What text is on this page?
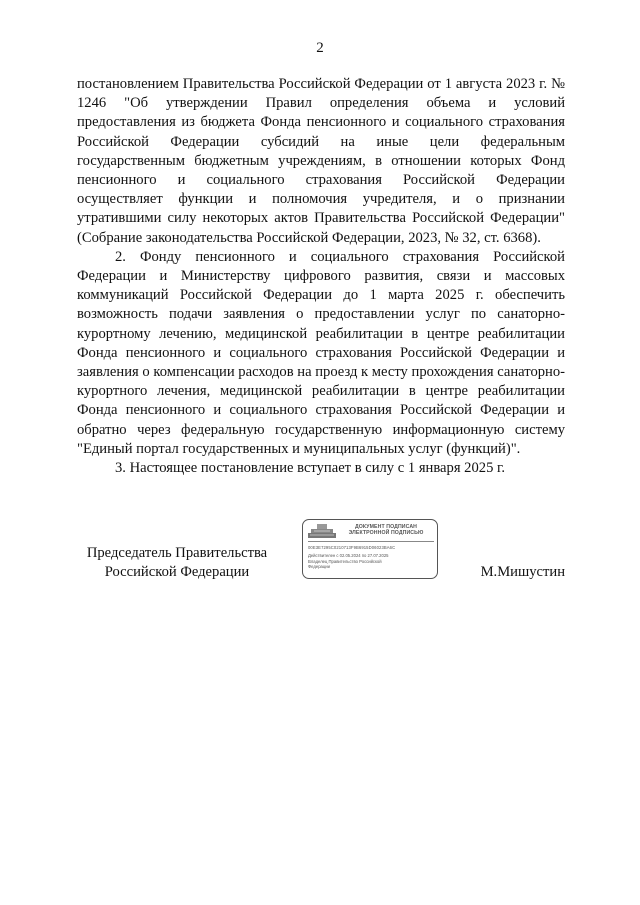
2

постановлением Правительства Российской Федерации от 1 августа 2023 г. № 1246 "Об утверждении Правил определения объема и условий предоставления из бюджета Фонда пенсионного и социального страхования Российской Федерации субсидий на иные цели федеральным государственным бюджетным учреждениям, в отношении которых Фонд пенсионного и социального страхования Российской Федерации осуществляет функции и полномочия учредителя, и о признании утратившими силу некоторых актов Правительства Российской Федерации" (Собрание законодательства Российской Федерации, 2023, № 32, ст. 6368).

2. Фонду пенсионного и социального страхования Российской Федерации и Министерству цифрового развития, связи и массовых коммуникаций Российской Федерации до 1 марта 2025 г. обеспечить возможность подачи заявления о предоставлении услуг по санаторно-курортному лечению, медицинской реабилитации в центре реабилитации Фонда пенсионного и социального страхования Российской Федерации и заявления о компенсации расходов на проезд к месту прохождения санаторно-курортного лечения, медицинской реабилитации в центре реабилитации Фонда пенсионного и социального страхования Российской Федерации и обратно через федеральную государственную информационную систему "Единый портал государственных и муниципальных услуг (функций)".

3. Настоящее постановление вступает в силу с 1 января 2025 г.

Председатель Правительства
Российской Федерации
ДОКУМЕНТ ПОДПИСАН
ЭЛЕКТРОННОЙ ПОДПИСЬЮ
00E3E7295C0210713F9B6915D06023BA6C
Действителен с 02.05.2024 по 27.07.2025
Владелец Правительство Российской
Федерации	М.Мишустин
